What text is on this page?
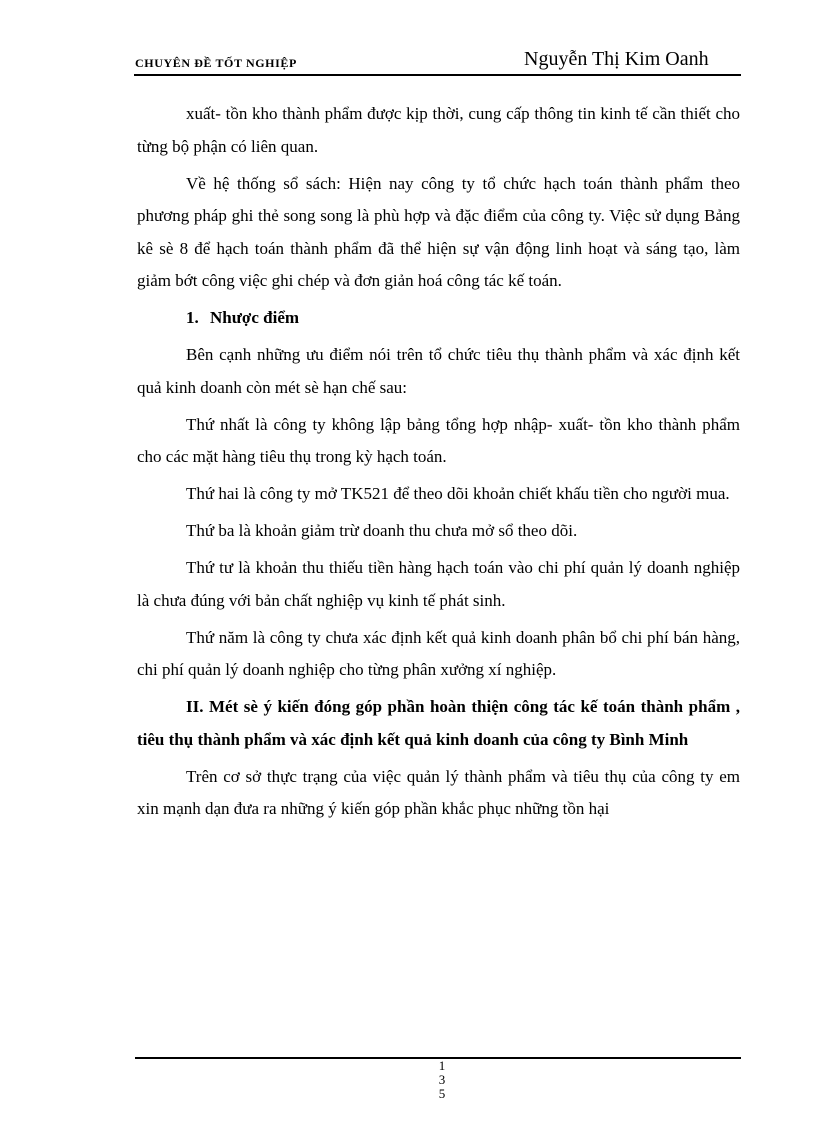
CHUYÊN ĐỀ TỐT NGHIỆP	Nguyễn Thị Kim Oanh

xuất- tồn kho thành phẩm được kịp thời, cung cấp thông tin kinh tế cần thiết cho từng bộ phận có liên quan.

Về hệ thống sổ sách: Hiện nay công ty tổ chức hạch toán thành phẩm theo phương pháp ghi thẻ song song là phù hợp và đặc điểm của công ty. Việc sử dụng Bảng kê sè 8 để hạch toán thành phẩm đã thể hiện sự vận động linh hoạt và sáng tạo, làm giảm bớt công việc ghi chép và đơn giản hoá công tác kế toán.

1. Nhược điểm

Bên cạnh những ưu điểm nói trên tổ chức tiêu thụ thành phẩm và xác định kết quả kinh doanh còn mét sè hạn chế sau:

Thứ nhất là công ty không lập bảng tổng hợp nhập- xuất- tồn kho thành phẩm cho các mặt hàng tiêu thụ trong kỳ hạch toán.

Thứ hai là công ty mở TK521 để theo dõi khoản chiết khấu tiền cho người mua.

Thứ ba là khoản giảm trừ doanh thu chưa mở sổ theo dõi.

Thứ tư là khoản thu thiếu tiền hàng hạch toán vào chi phí quản lý doanh nghiệp là chưa đúng với bản chất nghiệp vụ kinh tế phát sinh.

Thứ năm là công ty chưa xác định kết quả kinh doanh phân bổ chi phí bán hàng, chi phí quản lý doanh nghiệp cho từng phân xưởng xí nghiệp.

II. Mét sè ý kiến đóng góp phần hoàn thiện công tác kế toán thành phẩm , tiêu thụ thành phẩm và xác định kết quả kinh doanh của công ty Bình Minh

Trên cơ sở thực trạng của việc quản lý thành phẩm và tiêu thụ của công ty em xin mạnh dạn đưa ra những ý kiến góp phần khắc phục những tồn hại

1
3
5
